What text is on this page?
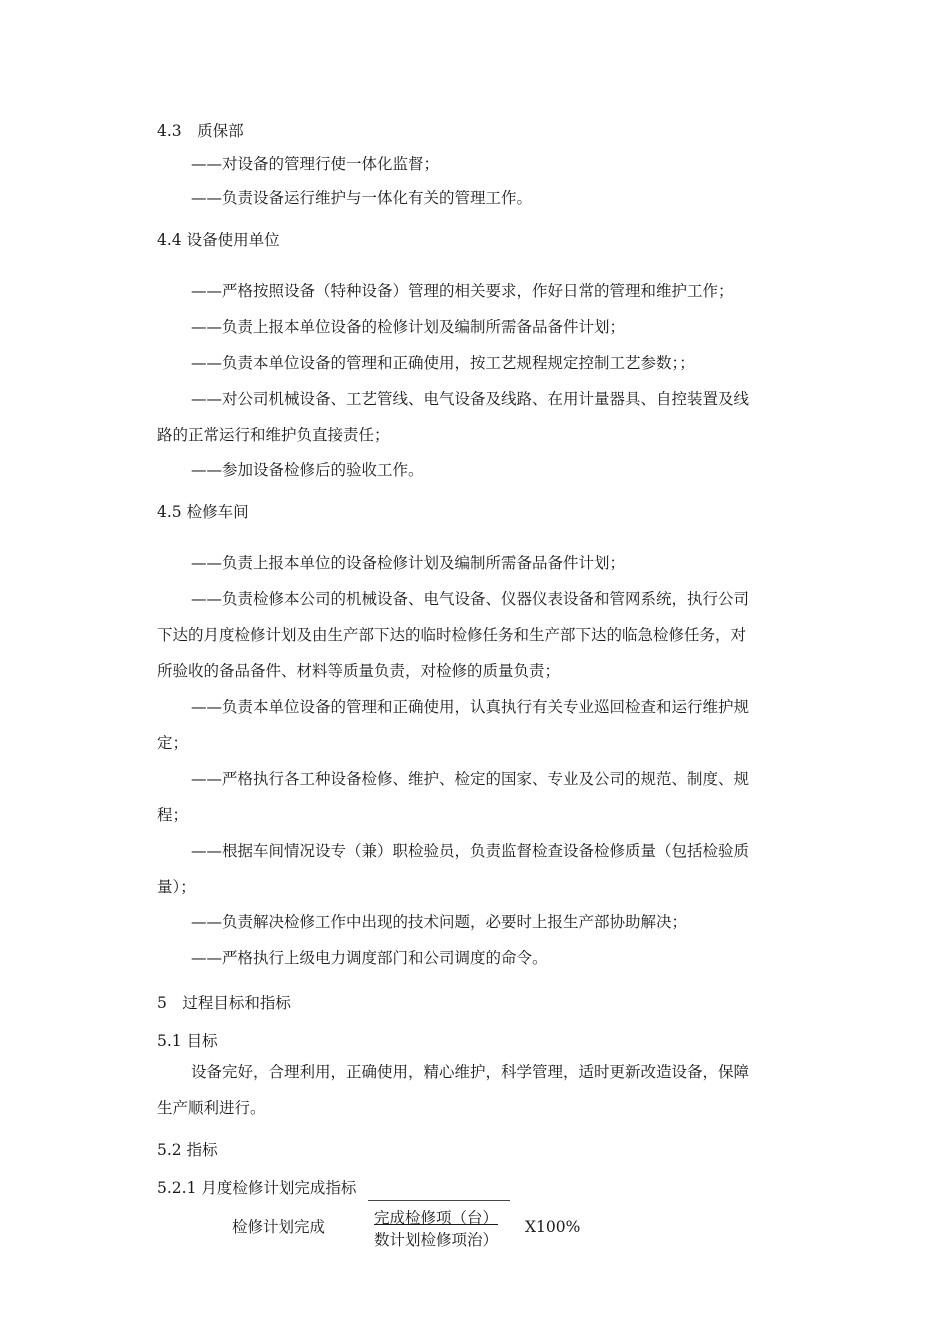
4.3　质保部
——对设备的管理行使一体化监督；
——负责设备运行维护与一体化有关的管理工作。
4.4 设备使用单位
——严格按照设备（特种设备）管理的相关要求，作好日常的管理和维护工作；
——负责上报本单位设备的检修计划及编制所需备品备件计划；
——负责本单位设备的管理和正确使用，按工艺规程规定控制工艺参数；；
——对公司机械设备、工艺管线、电气设备及线路、在用计量器具、自控装置及线
路的正常运行和维护负直接责任；
——参加设备检修后的验收工作。
4.5 检修车间
——负责上报本单位的设备检修计划及编制所需备品备件计划；
——负责检修本公司的机械设备、电气设备、仪器仪表设备和管网系统，执行公司
下达的月度检修计划及由生产部下达的临时检修任务和生产部下达的临急检修任务，对
所验收的备品备件、材料等质量负责，对检修的质量负责；
——负责本单位设备的管理和正确使用，认真执行有关专业巡回检查和运行维护规
定；
——严格执行各工种设备检修、维护、检定的国家、专业及公司的规范、制度、规
程；
——根据车间情况设专（兼）职检验员，负责监督检查设备检修质量（包括检验质
量）；
——负责解决检修工作中出现的技术问题，必要时上报生产部协助解决；
——严格执行上级电力调度部门和公司调度的命令。
5　过程目标和指标
5.1 目标
设备完好，合理利用，正确使用，精心维护，科学管理，适时更新改造设备，保障
生产顺利进行。
5.2 指标
5.2.1 月度检修计划完成指标
完成检修项（台）
检修计划完成	X100%
数计划检修项治）
